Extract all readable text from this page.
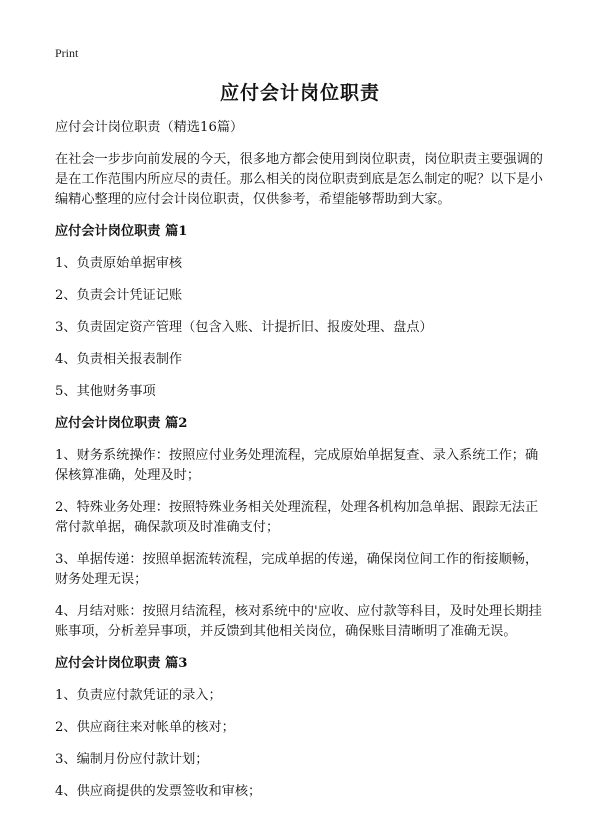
Print
应付会计岗位职责

应付会计岗位职责（精选16篇）

在社会一步步向前发展的今天，很多地方都会使用到岗位职责，岗位职责主要强调的是在工作范围内所应尽的责任。那么相关的岗位职责到底是怎么制定的呢？以下是小编精心整理的应付会计岗位职责，仅供参考，希望能够帮助到大家。

应付会计岗位职责 篇1

1、负责原始单据审核

2、负责会计凭证记账

3、负责固定资产管理（包含入账、计提折旧、报废处理、盘点）

4、负责相关报表制作

5、其他财务事项

应付会计岗位职责 篇2

1、财务系统操作：按照应付业务处理流程，完成原始单据复查、录入系统工作；确保核算准确，处理及时；

2、特殊业务处理：按照特殊业务相关处理流程，处理各机构加急单据、跟踪无法正常付款单据，确保款项及时准确支付；

3、单据传递：按照单据流转流程，完成单据的传递，确保岗位间工作的衔接顺畅，财务处理无误；

4、月结对账：按照月结流程，核对系统中的'应收、应付款等科目，及时处理长期挂账事项，分析差异事项，并反馈到其他相关岗位，确保账目清晰明了准确无误。

应付会计岗位职责 篇3

1、负责应付款凭证的录入；

2、供应商往来对帐单的核对；

3、编制月份应付款计划；

4、供应商提供的发票签收和审核；
